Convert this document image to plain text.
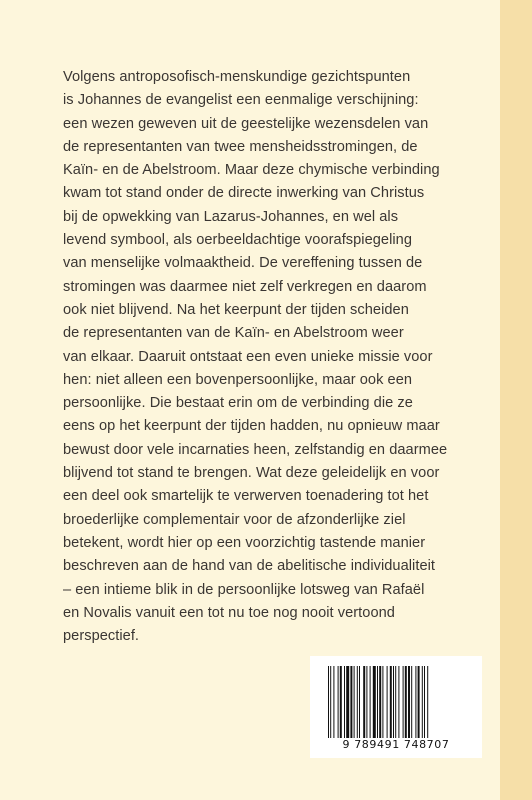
Volgens antroposofisch-menskundige gezichtspunten
is Johannes de evangelist een eenmalige verschijning:
een wezen geweven uit de geestelijke wezensdelen van
de representanten van twee mensheidsstromingen, de
Kaïn- en de Abelstroom. Maar deze chymische verbinding
kwam tot stand onder de directe inwerking van Christus
bij de opwekking van Lazarus-Johannes, en wel als
levend symbool, als oerbeeldachtige voorafspiegeling
van menselijke volmaaktheid. De vereffening tussen de
stromingen was daarmee niet zelf verkregen en daarom
ook niet blijvend. Na het keerpunt der tijden scheiden
de representanten van de Kaïn- en Abelstroom weer
van elkaar. Daaruit ontstaat een even unieke missie voor
hen: niet alleen een bovenpersoonlijke, maar ook een
persoonlijke. Die bestaat erin om de verbinding die ze
eens op het keerpunt der tijden hadden, nu opnieuw maar
bewust door vele incarnaties heen, zelfstandig en daarmee
blijvend tot stand te brengen. Wat deze geleidelijk en voor
een deel ook smartelijk te verwerven toenadering tot het
broederlijke complementair voor de afzonderlijke ziel
betekent, wordt hier op een voorzichtig tastende manier
beschreven aan de hand van de abelitische individualiteit
– een intieme blik in de persoonlijke lotsweg van Rafaël
en Novalis vanuit een tot nu toe nog nooit vertoond
perspectief.
9 789491 748707
